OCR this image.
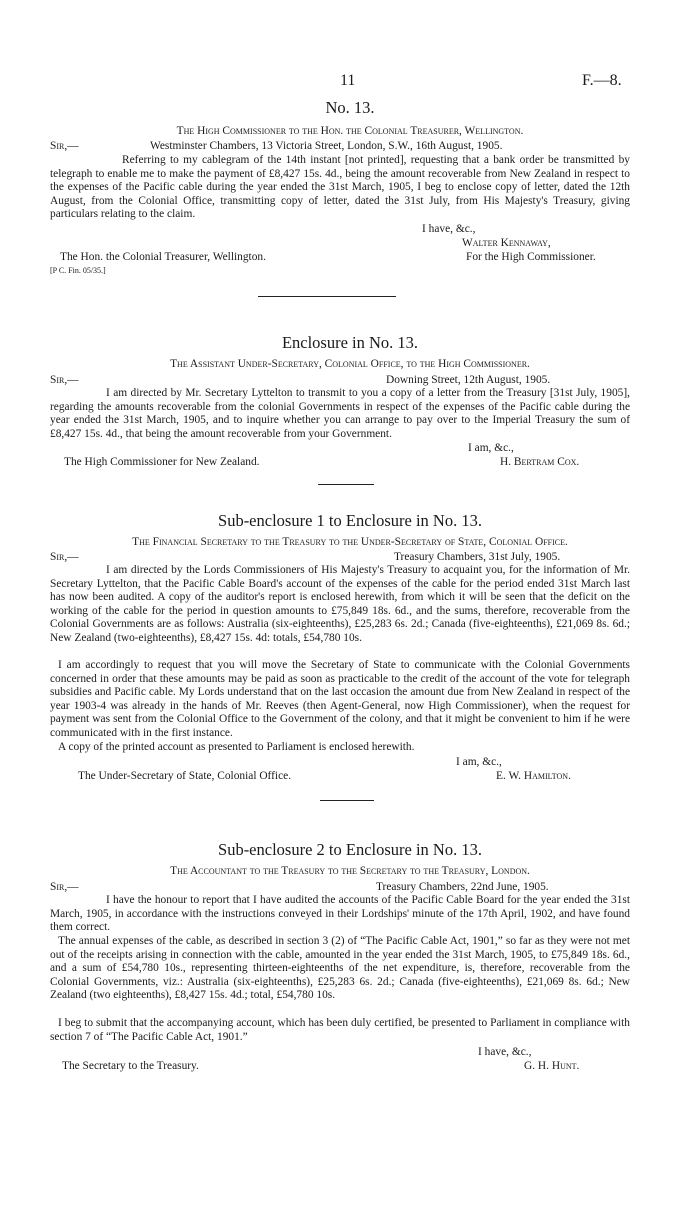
11	F.—8.
No. 13.
The High Commissioner to the Hon. the Colonial Treasurer, Wellington.
Sir,—	Westminster Chambers, 13 Victoria Street, London, S.W., 16th August, 1905.
Referring to my cablegram of the 14th instant [not printed], requesting that a bank order be transmitted by telegraph to enable me to make the payment of £8,427 15s. 4d., being the amount recoverable from New Zealand in respect to the expenses of the Pacific cable during the year ended the 31st March, 1905, I beg to enclose copy of letter, dated the 12th August, from the Colonial Office, transmitting copy of letter, dated the 31st July, from His Majesty's Treasury, giving particulars relating to the claim.
I have, &c.,
Walter Kennaway,
The Hon. the Colonial Treasurer, Wellington.	For the High Commissioner.
[P C. Fin. 05/35.]
Enclosure in No. 13.
The Assistant Under-Secretary, Colonial Office, to the High Commissioner.
Sir,—	Downing Street, 12th August, 1905.
I am directed by Mr. Secretary Lyttelton to transmit to you a copy of a letter from the Treasury [31st July, 1905], regarding the amounts recoverable from the colonial Governments in respect of the expenses of the Pacific cable during the year ended the 31st March, 1905, and to inquire whether you can arrange to pay over to the Imperial Treasury the sum of £8,427 15s. 4d., that being the amount recoverable from your Government.
I am, &c.,
The High Commissioner for New Zealand.	H. Bertram Cox.
Sub-enclosure 1 to Enclosure in No. 13.
The Financial Secretary to the Treasury to the Under-Secretary of State, Colonial Office.
Sir,—	Treasury Chambers, 31st July, 1905.
I am directed by the Lords Commissioners of His Majesty's Treasury to acquaint you, for the information of Mr. Secretary Lyttelton, that the Pacific Cable Board's account of the expenses of the cable for the period ended 31st March last has now been audited. A copy of the auditor's report is enclosed herewith, from which it will be seen that the deficit on the working of the cable for the period in question amounts to £75,849 18s. 6d., and the sums, therefore, recoverable from the Colonial Governments are as follows: Australia (six-eighteenths), £25,283 6s. 2d.; Canada (five-eighteenths), £21,069 8s. 6d.; New Zealand (two-eighteenths), £8,427 15s. 4d: totals, £54,780 10s.
I am accordingly to request that you will move the Secretary of State to communicate with the Colonial Governments concerned in order that these amounts may be paid as soon as practicable to the credit of the account of the vote for telegraph subsidies and Pacific cable. My Lords understand that on the last occasion the amount due from New Zealand in respect of the year 1903-4 was already in the hands of Mr. Reeves (then Agent-General, now High Commissioner), when the request for payment was sent from the Colonial Office to the Government of the colony, and that it might be convenient to him if he were communicated with in the first instance.
A copy of the printed account as presented to Parliament is enclosed herewith.
I am, &c.,
The Under-Secretary of State, Colonial Office.	E. W. Hamilton.
Sub-enclosure 2 to Enclosure in No. 13.
The Accountant to the Treasury to the Secretary to the Treasury, London.
Sir,—	Treasury Chambers, 22nd June, 1905.
I have the honour to report that I have audited the accounts of the Pacific Cable Board for the year ended the 31st March, 1905, in accordance with the instructions conveyed in their Lordships' minute of the 17th April, 1902, and have found them correct.
The annual expenses of the cable, as described in section 3 (2) of “The Pacific Cable Act, 1901,” so far as they were not met out of the receipts arising in connection with the cable, amounted in the year ended the 31st March, 1905, to £75,849 18s. 6d., and a sum of £54,780 10s., representing thirteen-eighteenths of the net expenditure, is, therefore, recoverable from the Colonial Governments, viz.: Australia (six-eighteenths), £25,283 6s. 2d.; Canada (five-eighteenths), £21,069 8s. 6d.; New Zealand (two eighteenths), £8,427 15s. 4d.; total, £54,780 10s.
I beg to submit that the accompanying account, which has been duly certified, be presented to Parliament in compliance with section 7 of “The Pacific Cable Act, 1901.”
I have, &c.,
The Secretary to the Treasury.	G. H. Hunt.
